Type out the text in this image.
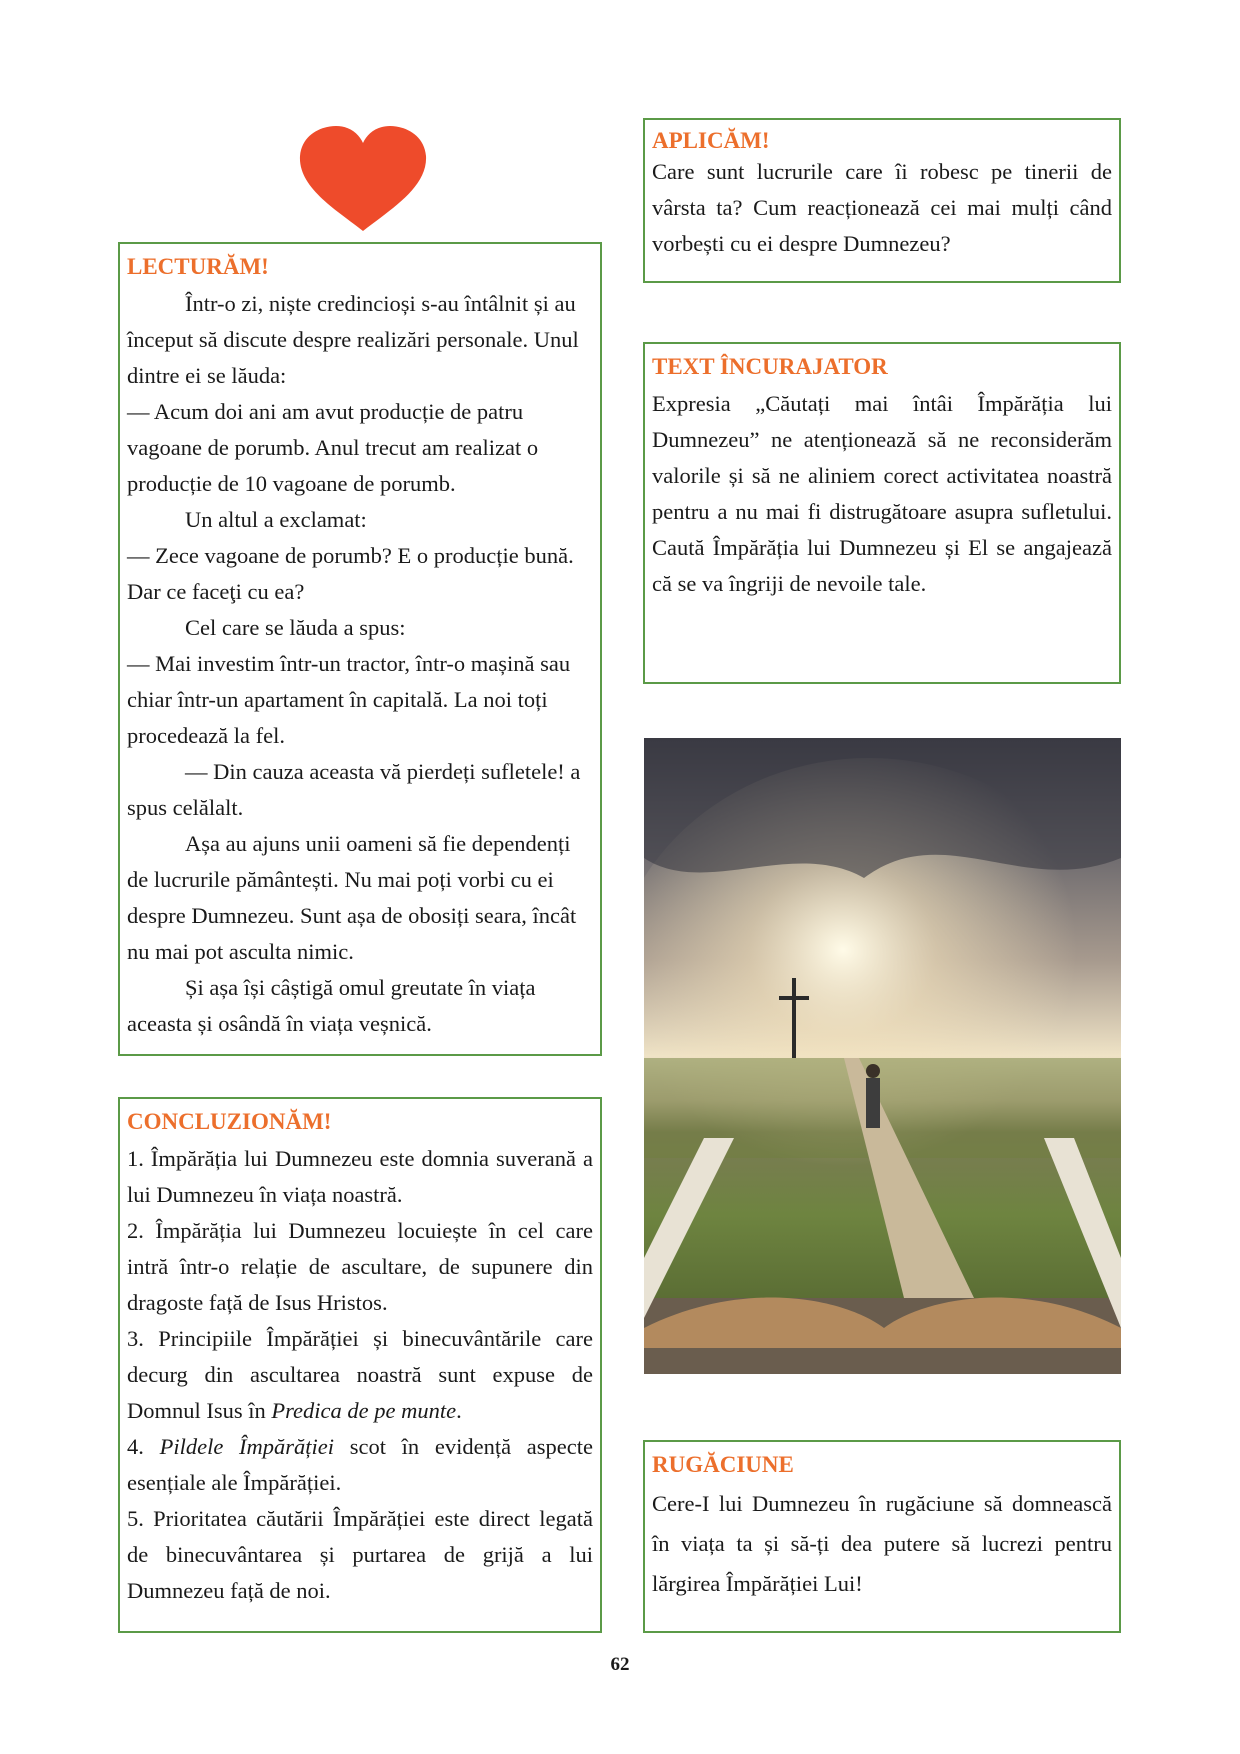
LECTURĂM!

Într-o zi, niște credincioși s-au întâlnit și au început să discute despre realizări personale. Unul dintre ei se lăuda:

— Acum doi ani am avut producție de patru vagoane de porumb. Anul trecut am realizat o producție de 10 vagoane de porumb.

Un altul a exclamat:

— Zece vagoane de porumb? E o producție bună. Dar ce faceţi cu ea?

Cel care se lăuda a spus:

— Mai investim într-un tractor, într-o mașină sau chiar într-un apartament în capitală. La noi toți procedează la fel.

— Din cauza aceasta vă pierdeți sufletele! a spus celălalt.

Așa au ajuns unii oameni să fie dependenți de lucrurile pământești. Nu mai poți vorbi cu ei despre Dumnezeu. Sunt așa de obosiți seara, încât nu mai pot asculta nimic.

Și așa își câștigă omul greutate în viața aceasta și osândă în viața veșnică.

CONCLUZIONĂM!

1. Împărăția lui Dumnezeu este domnia suverană a lui Dumnezeu în viața noastră.

2. Împărăția lui Dumnezeu locuiește în cel care intră într-o relație de ascultare, de supunere din dragoste față de Isus Hristos.

3. Principiile Împărăției și binecuvântările care decurg din ascultarea noastră sunt expuse de Domnul Isus în Predica de pe munte.

4. Pildele Împărăției scot în evidență aspecte esențiale ale Împărăției.

5. Prioritatea căutării Împărăției este direct legată de binecuvântarea și purtarea de grijă a lui Dumnezeu față de noi.

APLICĂM!

Care sunt lucrurile care îi robesc pe tinerii de vârsta ta? Cum reacționează cei mai mulți când vorbești cu ei despre Dumnezeu?

TEXT ÎNCURAJATOR

Expresia „Căutați mai întâi Împărăția lui Dumnezeu” ne atenționează să ne reconsiderăm valorile și să ne aliniem corect activitatea noastră pentru a nu mai fi distrugătoare asupra sufletului. Caută Împărăția lui Dumnezeu și El se angajează că se va îngriji de nevoile tale.

RUGĂCIUNE

Cere-I lui Dumnezeu în rugăciune să domnească în viața ta și să-ți dea putere să lucrezi pentru lărgirea Împărăției Lui!

62
